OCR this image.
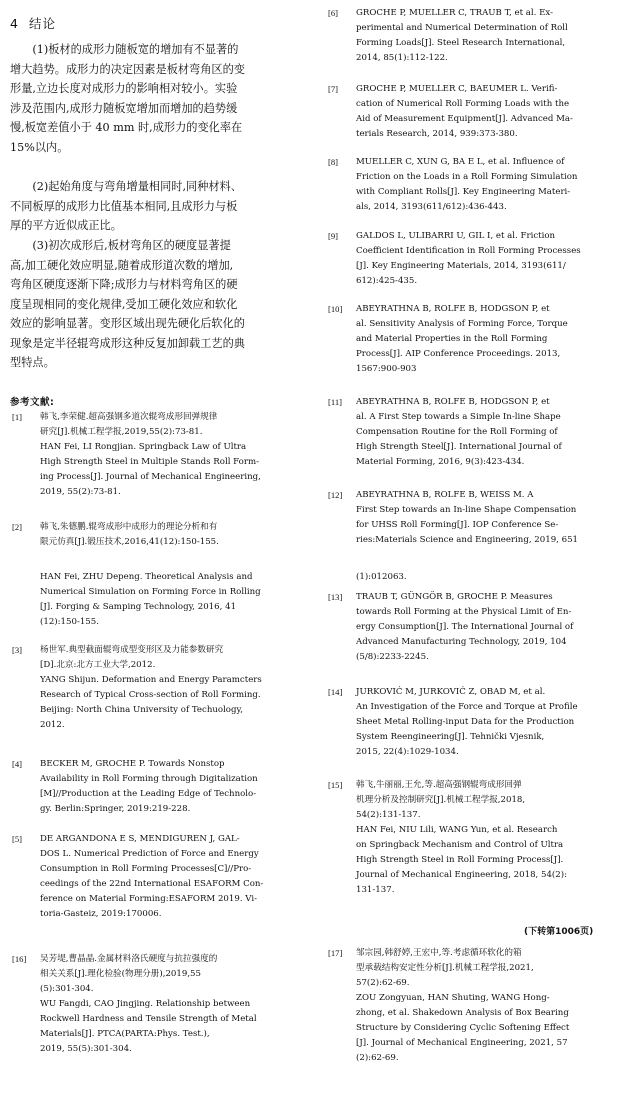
4 结论
(1)板材的成形力随板宽的增加有不显著的
增大趋势。成形力的决定因素是板材弯角区的变
形量,立边长度对成形力的影响相对较小。实验
涉及范围内,成形力随板宽增加而增加的趋势缓
慢,板宽差值小于 40 mm 时,成形力的变化率在
15%以内。
(2)起始角度与弯角增量相同时,同种材料、
不同板厚的成形力比值基本相同,且成形力与板
厚的平方近似成正比。
(3)初次成形后,板材弯角区的硬度显著提
高,加工硬化效应明显,随着成形道次数的增加,
弯角区硬度逐渐下降;成形力与材料弯角区的硬
度呈现相同的变化规律,受加工硬化效应和软化
效应的影响显著。变形区域出现先硬化后软化的
现象是定半径辊弯成形这种反复加卸载工艺的典
型特点。
参考文献:
[1] 韩飞,李荣健.超高强钢多道次辊弯成形回弹规律
研究[J].机械工程学报,2019,55(2):73-81.
HAN Fei, LI Rongjian. Springback Law of Ultra
High Strength Steel in Multiple Stands Roll Form-
ing Process[J]. Journal of Mechanical Engineering,
2019, 55(2):73-81.
[2] 韩飞,朱德鹏.辊弯成形中成形力的理论分析和有
限元仿真[J].锻压技术,2016,41(12):150-155.
HAN Fei, ZHU Depeng. Theoretical Analysis and
Numerical Simulation on Forming Force in Rolling
[J]. Forging & Samping Technology, 2016, 41
(12):150-155.
[3] 杨世军.典型截面辊弯成型变形区及力能参数研究
[D].北京:北方工业大学,2012.
YANG Shijun. Deformation and Energy Paramcters
Research of Typical Cross-section of Roll Forming.
Beijing: North China University of Techuology,
2012.
[4] BECKER M, GROCHE P. Towards Nonstop
Availability in Roll Forming through Digitalization
[M]//Production at the Leading Edge of Technolo-
gy. Berlin:Springer, 2019:219-228.
[5] DE ARGANDONA E S, MENDIGUREN J, GAL-
DOS L. Numerical Prediction of Force and Energy
Consumption in Roll Forming Processes[C]//Pro-
ceedings of the 22nd International ESAFORM Con-
ference on Material Forming:ESAFORM 2019. Vi-
toria-Gasteiz, 2019:170006.
[16] 吴芳堤,曹晶晶.金属材料洛氏硬度与抗拉强度的
相关关系[J].理化检验(物理分册),2019,55
(5):301-304.
WU Fangdi, CAO Jingjing. Relationship between
Rockwell Hardness and Tensile Strength of Metal
Materials[J]. PTCA(PARTA:Phys. Test.),
2019, 55(5):301-304.
[6] GROCHE P, MUELLER C, TRAUB T, et al. Ex-
perimental and Numerical Determination of Roll
Forming Loads[J]. Steel Research International,
2014, 85(1):112-122.
[7] GROCHE P, MUELLER C, BAEUMER L. Verifi-
cation of Numerical Roll Forming Loads with the
Aid of Measurement Equipment[J]. Advanced Ma-
terials Research, 2014, 939:373-380.
[8] MUELLER C, XUN G, BA E L, et al. Influence of
Friction on the Loads in a Roll Forming Simulation
with Compliant Rolls[J]. Key Engineering Materi-
als, 2014, 3193(611/612):436-443.
[9] GALDOS L, ULIBARRI U, GIL I, et al. Friction
Coefficient Identification in Roll Forming Processes
[J]. Key Engineering Materials, 2014, 3193(611/
612):425-435.
[10] ABEYRATHNA B, ROLFE B, HODGSON P, et
al. Sensitivity Analysis of Forming Force, Torque
and Material Properties in the Roll Forming
Process[J]. AIP Conference Proceedings. 2013,
1567:900-903
[11] ABEYRATHNA B, ROLFE B, HODGSON P, et
al. A First Step towards a Simple In-line Shape
Compensation Routine for the Roll Forming of
High Strength Steel[J]. International Journal of
Material Forming, 2016, 9(3):423-434.
[12] ABEYRATHNA B, ROLFE B, WEISS M. A
First Step towards an In-line Shape Compensation
for UHSS Roll Forming[J]. IOP Conference Se-
ries:Materials Science and Engineering, 2019, 651
(1):012063.
[13] TRAUB T, GÜNGÖR B, GROCHE P. Measures
towards Roll Forming at the Physical Limit of En-
ergy Consumption[J]. The International Journal of
Advanced Manufacturing Technology, 2019, 104
(5/8):2233-2245.
[14] JURKOVIĆ M, JURKOVIĆ Z, OBAD M, et al.
An Investigation of the Force and Torque at Profile
Sheet Metal Rolling-input Data for the Production
System Reengineering[J]. Tehnički Vjesnik,
2015, 22(4):1029-1034.
[15] 韩飞,牛丽丽,王允,等.超高强钢辊弯成形回弹
机理分析及控制研究[J].机械工程学报,2018,
54(2):131-137.
HAN Fei, NIU Lili, WANG Yun, et al. Research
on Springback Mechanism and Control of Ultra
High Strength Steel in Roll Forming Process[J].
Journal of Mechanical Engineering, 2018, 54(2):
131-137.
(下转第1006页)
[17] 邹宗园,韩舒婷,王宏中,等.考虑循环软化的箱
型承载结构安定性分析[J].机械工程学报,2021,
57(2):62-69.
ZOU Zongyuan, HAN Shuting, WANG Hong-
zhong, et al. Shakedown Analysis of Box Bearing
Structure by Considering Cyclic Softening Effect
[J]. Journal of Mechanical Engineering, 2021, 57
(2):62-69.
